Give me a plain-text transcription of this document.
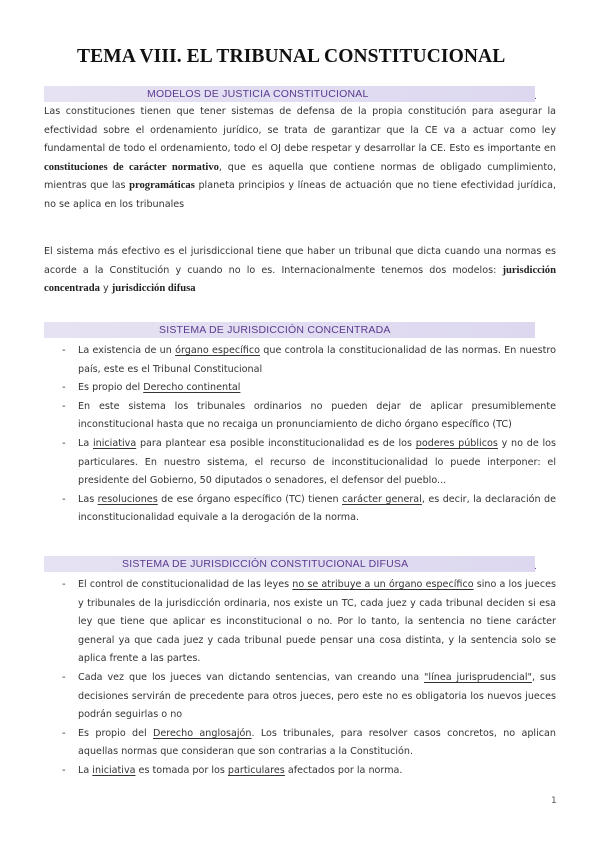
TEMA VIII. EL TRIBUNAL CONSTITUCIONAL
MODELOS DE JUSTICIA CONSTITUCIONAL	.
Las constituciones tienen que tener sistemas de defensa de la propia constitución para asegurar la efectividad sobre el ordenamiento jurídico, se trata de garantizar que la CE va a actuar como ley fundamental de todo el ordenamiento, todo el OJ debe respetar y desarrollar la CE. Esto es importante en constituciones de carácter normativo, que es aquella que contiene normas de obligado cumplimiento, mientras que las programáticas planeta principios y líneas de actuación que no tiene efectividad jurídica, no se aplica en los tribunales
El sistema más efectivo es el jurisdiccional tiene que haber un tribunal que dicta cuando una normas es acorde a la Constitución y cuando no lo es. Internacionalmente tenemos dos modelos: jurisdicción concentrada y jurisdicción difusa
SISTEMA DE JURISDICCIÓN CONCENTRADA
- La existencia de un órgano específico que controla la constitucionalidad de las normas. En nuestro país, este es el Tribunal Constitucional
- Es propio del Derecho continental
- En este sistema los tribunales ordinarios no pueden dejar de aplicar presumiblemente inconstitucional hasta que no recaiga un pronunciamiento de dicho órgano específico (TC)
- La iniciativa para plantear esa posible inconstitucionalidad es de los poderes públicos y no de los particulares. En nuestro sistema, el recurso de inconstitucionalidad lo puede interponer: el presidente del Gobierno, 50 diputados o senadores, el defensor del pueblo...
- Las resoluciones de ese órgano específico (TC) tienen carácter general, es decir, la declaración de inconstitucionalidad equivale a la derogación de la norma.
SISTEMA DE JURISDICCIÓN CONSTITUCIONAL DIFUSA	.
- El control de constitucionalidad de las leyes no se atribuye a un órgano específico sino a los jueces y tribunales de la jurisdicción ordinaria, nos existe un TC, cada juez y cada tribunal deciden si esa ley que tiene que aplicar es inconstitucional o no. Por lo tanto, la sentencia no tiene carácter general ya que cada juez y cada tribunal puede pensar una cosa distinta, y la sentencia solo se aplica frente a las partes.
- Cada vez que los jueces van dictando sentencias, van creando una "línea jurisprudencial", sus decisiones servirán de precedente para otros jueces, pero este no es obligatoria los nuevos jueces podrán seguirlas o no
- Es propio del Derecho anglosajón. Los tribunales, para resolver casos concretos, no aplican aquellas normas que consideran que son contrarias a la Constitución.
- La iniciativa es tomada por los particulares afectados por la norma.
1
